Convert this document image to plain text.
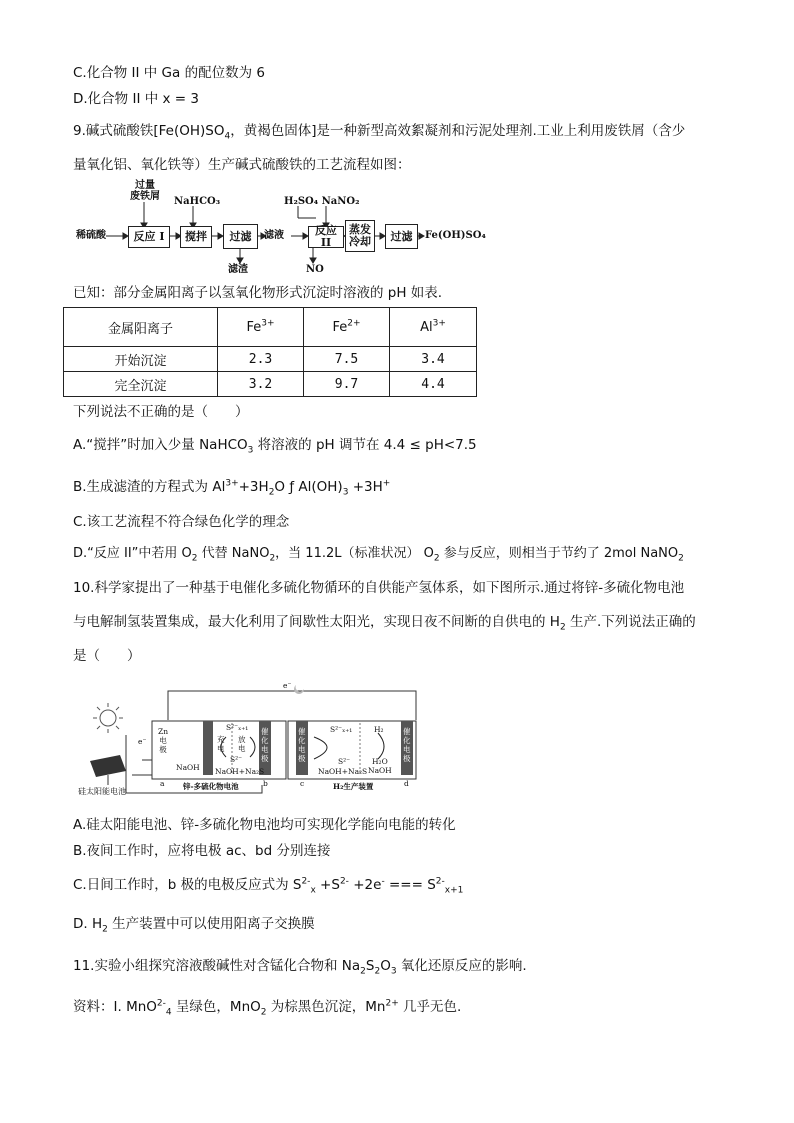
C.化合物 II 中 Ga 的配位数为 6
D.化合物 II 中 x = 3
9.碱式硫酸铁[$Fe(OH)SO_4$，黄褐色固体]是一种新型高效絮凝剂和污泥处理剂.工业上利用废铁屑（含少
量氧化铝、氧化铁等）生产碱式硫酸铁的工艺流程如图：
稀硫酸
过量
废铁屑
反应 I
NaHCO₃
搅拌	过滤
滤渣
滤液
H₂SO₄ NaNO₂
反应 II
NO
蒸发
冷却	过滤	Fe(OH)SO₄
已知：部分金属阳离子以氢氧化物形式沉淀时溶液的 pH 如表.
金属阳离子	$Fe^{3+}$	$Fe^{2+}$	$Al^{3+}$
开始沉淀	2.3	7.5	3.4
完全沉淀	3.2	9.7	4.4
下列说法不正确的是（　　）
A.“搅拌”时加入少量 NaHCO$_3$ 将溶液的 pH 调节在 4.4 ≤ pH<7.5
B.生成滤渣的方程式为 $Al^{3+}+3H_2O$ ƒ $Al(OH)_3 +3H^+$
C.该工艺流程不符合绿色化学的理念
D.“反应 II”中若用 $O_2$ 代替 NaNO$_2$，当 11.2L（标准状况） $O_2$ 参与反应，则相当于节约了 2mol NaNO$_2$
10.科学家提出了一种基于电催化多硫化物循环的自供能产氢体系，如下图所示.通过将锌-多硫化物电池
与电解制氢装置集成，最大化利用了间歇性太阳光，实现日夜不间断的自供电的 $H_2$ 生产.下列说法正确的
是（　　）
硅太阳能电池
e⁻
e⁻
Zn
电
极
NaOH
充
电
放
电
S²⁻ₓ₊₁
S²⁻
NaOH+Na₂S
催
化
电
极
催
化
电
极
S²⁻ₓ₊₁
S²⁻
NaOH+Na₂S
H₂
H₂O
NaOH
催
化
电
极
a	b	c	d
锌-多硫化物电池	H₂生产装置
A.硅太阳能电池、锌-多硫化物电池均可实现化学能向电能的转化
B.夜间工作时，应将电极 ac、bd 分别连接
C.日间工作时，b 极的电极反应式为 $S^{2-}_x +S^{2-} +2e^-$ === $S^{2-}_{x+1}$
D. $H_2$ 生产装置中可以使用阳离子交换膜
11.实验小组探究溶液酸碱性对含锰化合物和 $Na_2S_2O_3$ 氧化还原反应的影响.
资料：I. MnO$^{2-}_4$ 呈绿色，MnO$_2$ 为棕黑色沉淀，$Mn^{2+}$ 几乎无色.
